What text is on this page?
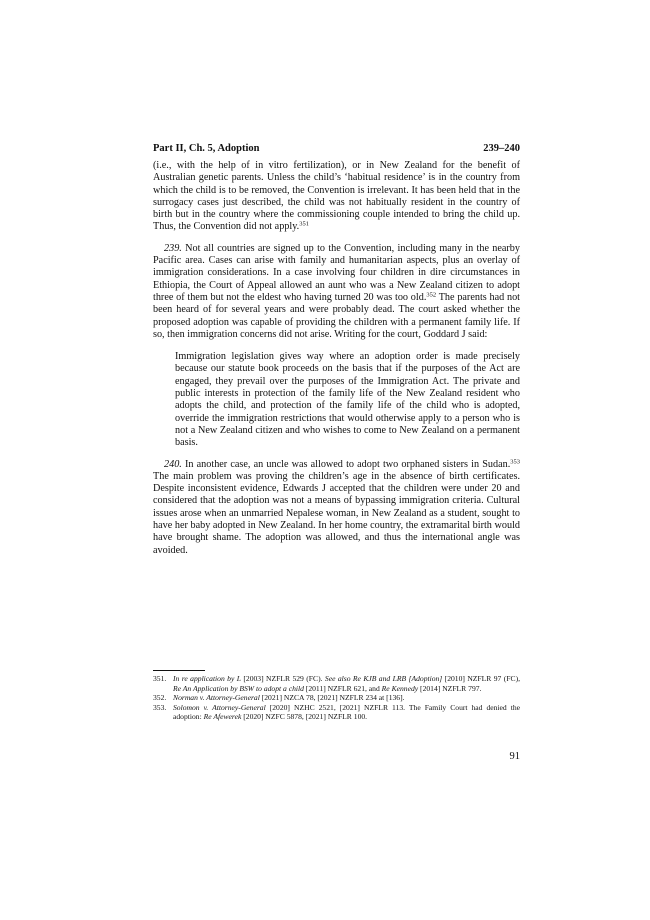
Part II, Ch. 5, Adoption	239–240

(i.e., with the help of in vitro fertilization), or in New Zealand for the benefit of Australian genetic parents. Unless the child’s ‘habitual residence’ is in the country from which the child is to be removed, the Convention is irrelevant. It has been held that in the surrogacy cases just described, the child was not habitually resident in the country of birth but in the country where the commissioning couple intended to bring the child up. Thus, the Convention did not apply.$^{351}$

239. Not all countries are signed up to the Convention, including many in the nearby Pacific area. Cases can arise with family and humanitarian aspects, plus an overlay of immigration considerations. In a case involving four children in dire circumstances in Ethiopia, the Court of Appeal allowed an aunt who was a New Zealand citizen to adopt three of them but not the eldest who having turned 20 was too old.$^{352}$ The parents had not been heard of for several years and were probably dead. The court asked whether the proposed adoption was capable of providing the children with a permanent family life. If so, then immigration concerns did not arise. Writing for the court, Goddard J said:

Immigration legislation gives way where an adoption order is made precisely because our statute book proceeds on the basis that if the purposes of the Act are engaged, they prevail over the purposes of the Immigration Act. The private and public interests in protection of the family life of the New Zealand resident who adopts the child, and protection of the family life of the child who is adopted, override the immigration restrictions that would otherwise apply to a person who is not a New Zealand citizen and who wishes to come to New Zealand on a permanent basis.

240. In another case, an uncle was allowed to adopt two orphaned sisters in Sudan.$^{353}$ The main problem was proving the children’s age in the absence of birth certificates. Despite inconsistent evidence, Edwards J accepted that the children were under 20 and considered that the adoption was not a means of bypassing immigration criteria. Cultural issues arose when an unmarried Nepalese woman, in New Zealand as a student, sought to have her baby adopted in New Zealand. In her home country, the extramarital birth would have brought shame. The adoption was allowed, and thus the international angle was avoided.

351. In re application by L [2003] NZFLR 529 (FC). See also Re KJB and LRB [Adoption] [2010] NZFLR 97 (FC), Re An Application by BSW to adopt a child [2011] NZFLR 621, and Re Kennedy [2014] NZFLR 797.
352. Norman v. Attorney-General [2021] NZCA 78, [2021] NZFLR 234 at [136].
353. Solomon v. Attorney-General [2020] NZHC 2521, [2021] NZFLR 113. The Family Court had denied the adoption: Re Afewerek [2020] NZFC 5878, [2021] NZFLR 100.
91
